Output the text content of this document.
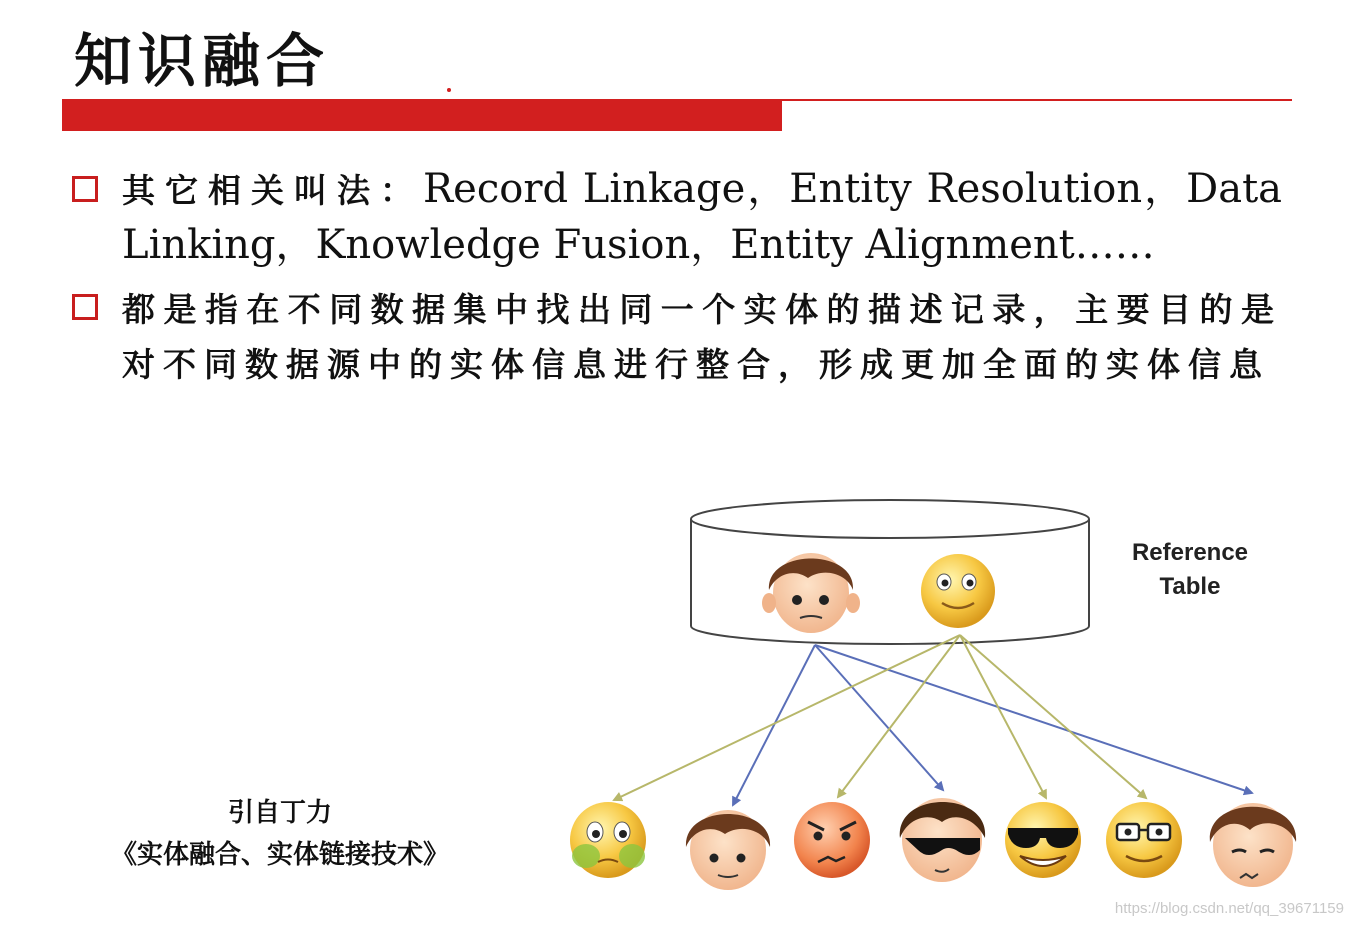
知识融合
其它相关叫法：Record Linkage，Entity Resolution，Data Linking，Knowledge Fusion，Entity Alignment……
都是指在不同数据集中找出同一个实体的描述记录，主要目的是对不同数据源中的实体信息进行整合，形成更加全面的实体信息
Reference
Table
引自丁力
《实体融合、实体链接技术》
https://blog.csdn.net/qq_39671159
